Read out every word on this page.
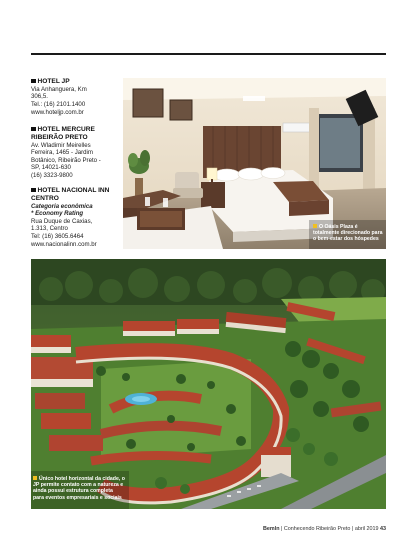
HOTEL JP
Via Anhanguera, Km
306,5.
Tel.: (16) 2101.1400
www.hoteljp.com.br
HOTEL MERCURE RIBEIRÃO PRETO
Av. Wladimir Meirelles
Ferreira, 1465 - Jardim
Botânico, Ribeirão Preto -
SP, 14021-630
(16) 3323-9800
HOTEL NACIONAL INN CENTRO
Categoria econômica
* Economy Rating
Rua Duque de Caxias,
1.313, Centro
Tel: (16) 3605.6464
www.nacionalinn.com.br
O Oásis Plaza é totalmente direcionado para o bem-estar dos hóspedes
Único hotel horizontal da cidade, o JP permite contato com a natureza e ainda possui estrutura completa para eventos empresariais e sociais
Bemln | Conhecendo Ribeirão Preto | abril 2019 43
